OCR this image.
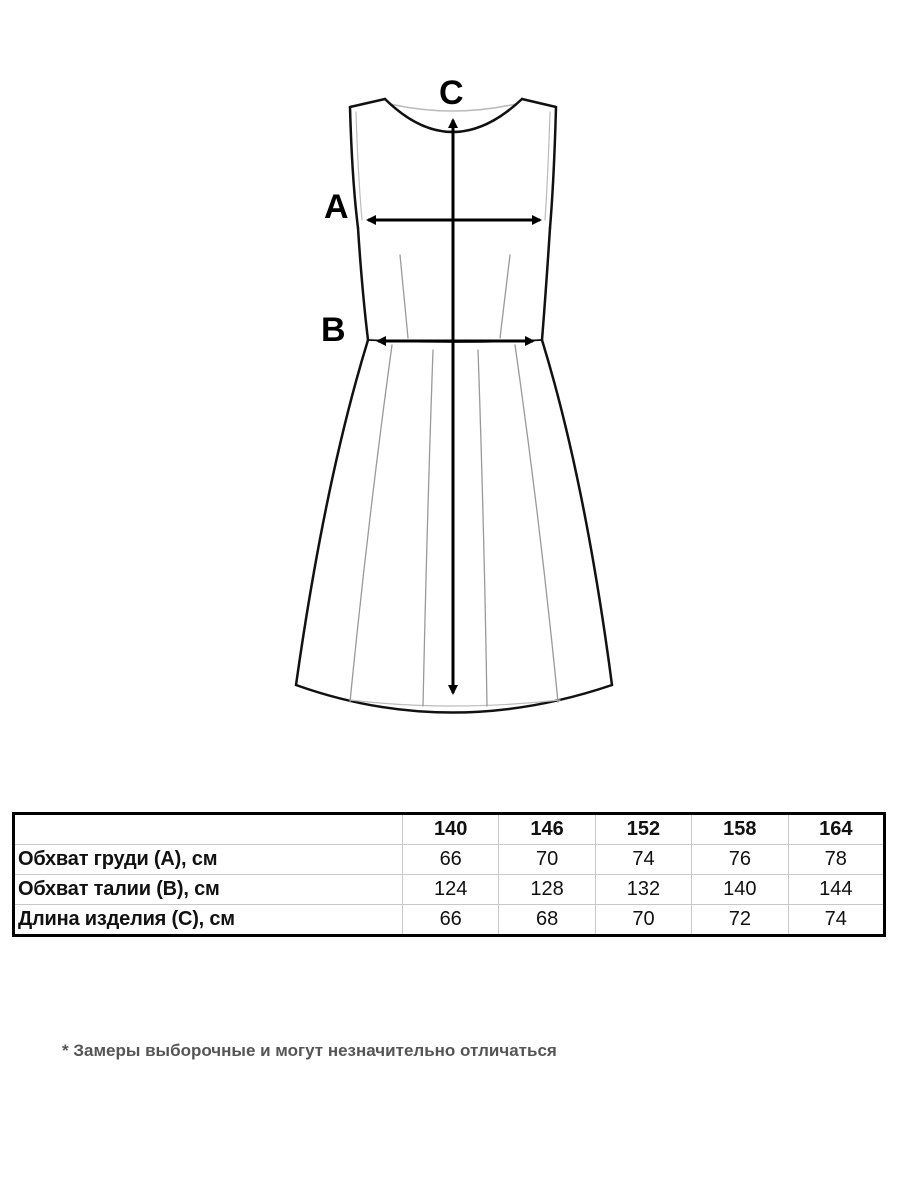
A
B
C
	140	146	152	158	164
Обхват груди (А), см	66	70	74	76	78
Обхват талии (В), см	124	128	132	140	144
Длина изделия (С), см	66	68	70	72	74
* Замеры выборочные и могут незначительно отличаться
